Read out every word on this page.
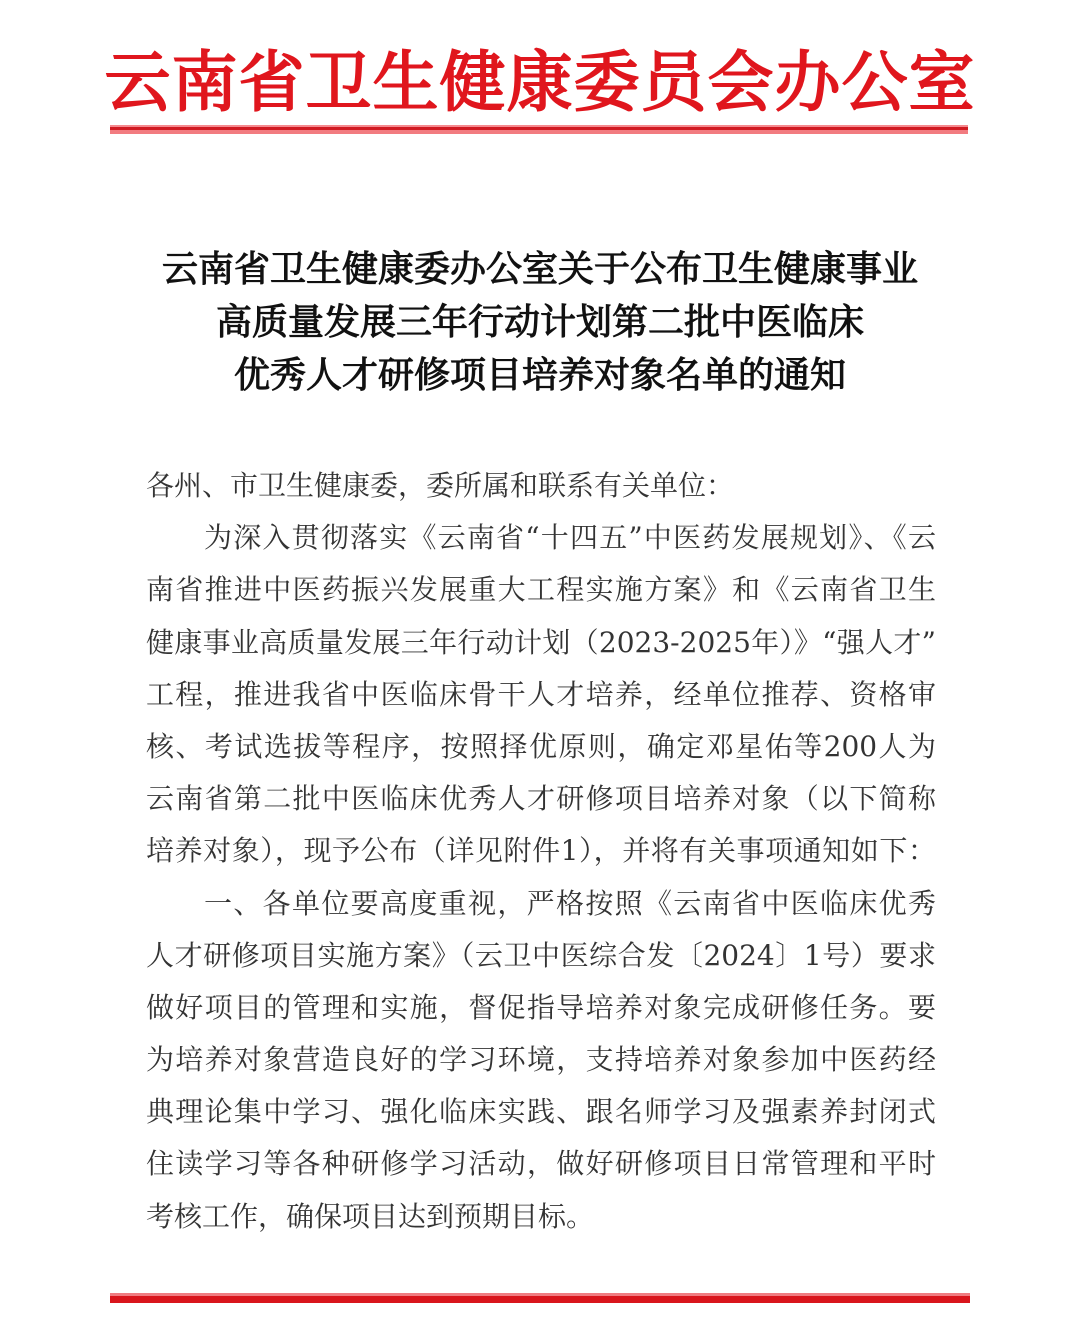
云南省卫生健康委员会办公室
云南省卫生健康委办公室关于公布卫生健康事业
高质量发展三年行动计划第二批中医临床
优秀人才研修项目培养对象名单的通知
各州、市卫生健康委，委所属和联系有关单位：
为深入贯彻落实《云南省“十四五”中医药发展规划》、《云
南省推进中医药振兴发展重大工程实施方案》和《云南省卫生
健康事业高质量发展三年行动计划（2023-2025年）》“强人才”
工程，推进我省中医临床骨干人才培养，经单位推荐、资格审
核、考试选拔等程序，按照择优原则，确定邓星佑等200人为
云南省第二批中医临床优秀人才研修项目培养对象（以下简称
培养对象），现予公布（详见附件1），并将有关事项通知如下：
一、各单位要高度重视，严格按照《云南省中医临床优秀
人才研修项目实施方案》（云卫中医综合发〔2024〕1号）要求
做好项目的管理和实施，督促指导培养对象完成研修任务。要
为培养对象营造良好的学习环境，支持培养对象参加中医药经
典理论集中学习、强化临床实践、跟名师学习及强素养封闭式
住读学习等各种研修学习活动，做好研修项目日常管理和平时
考核工作，确保项目达到预期目标。
